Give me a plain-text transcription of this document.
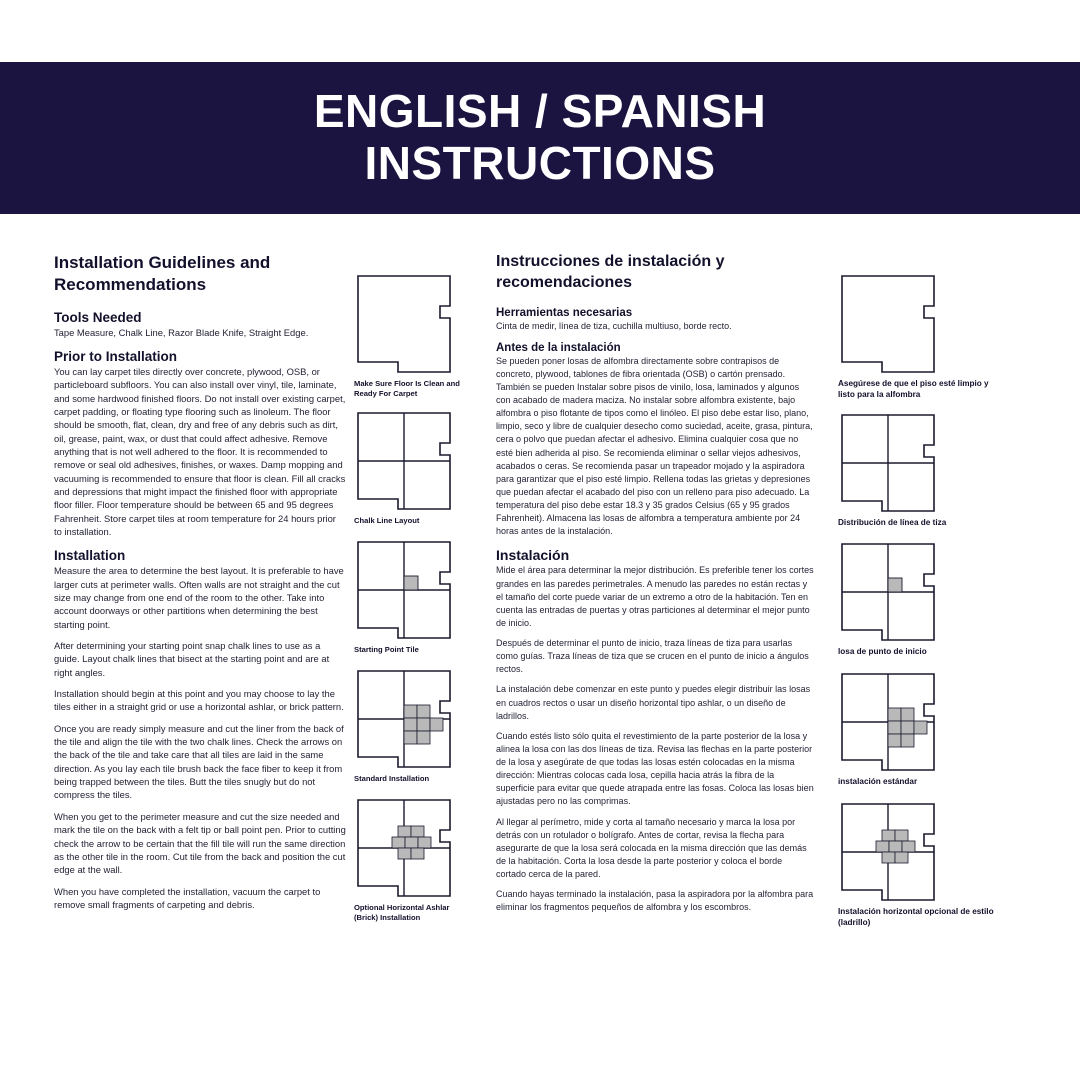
ENGLISH / SPANISH
INSTRUCTIONS
Installation Guidelines and Recommendations
Tools Needed

Tape Measure, Chalk Line, Razor Blade Knife, Straight Edge.

Prior to Installation

You can lay carpet tiles directly over concrete, plywood, OSB, or particleboard subfloors. You can also install over vinyl, tile, laminate, and some hardwood finished floors. Do not install over existing carpet, carpet padding, or floating type flooring such as linoleum. The floor should be smooth, flat, clean, dry and free of any debris such as dirt, oil, grease, paint, wax, or dust that could affect adhesive. Remove anything that is not well adhered to the floor. It is recommended to remove or seal old adhesives, finishes, or waxes. Damp mopping and vacuuming is recommended to ensure that floor is clean. Fill all cracks and depressions that might impact the finished floor with appropriate floor filler. Floor temperature should be between 65 and 95 degrees Fahrenheit. Store carpet tiles at room temperature for 24 hours prior to installation.

Installation

Measure the area to determine the best layout. It is preferable to have larger cuts at perimeter walls. Often walls are not straight and the cut size may change from one end of the room to the other. Take into account doorways or other partitions when determining the best starting point.

After determining your starting point snap chalk lines to use as a guide. Layout chalk lines that bisect at the starting point and are at right angles.

Installation should begin at this point and you may choose to lay the tiles either in a straight grid or use a horizontal ashlar, or brick pattern.

Once you are ready simply measure and cut the liner from the back of the tile and align the tile with the two chalk lines. Check the arrows on the back of the tile and take care that all tiles are laid in the same direction. As you lay each tile brush back the face fiber to keep it from being trapped between the tiles. Butt the tiles snugly but do not compress the tiles.

When you get to the perimeter measure and cut the size needed and mark the tile on the back with a felt tip or ball point pen. Prior to cutting check the arrow to be certain that the fill tile will run the same direction as the other tile in the room. Cut tile from the back and position the cut edge at the wall.

When you have completed the installation, vacuum the carpet to remove small fragments of carpeting and debris.

Make Sure Floor Is Clean and Ready For Carpet
Chalk Line Layout
Starting Point Tile
Standard Installation
Optional Horizontal Ashlar (Brick) Installation
Instrucciones de instalación y recomendaciones
Herramientas necesarias

Cinta de medir, línea de tiza, cuchilla multiuso, borde recto.

Antes de la instalación

Se pueden poner losas de alfombra directamente sobre contrapisos de concreto, plywood, tablones de fibra orientada (OSB) o cartón prensado. También se pueden Instalar sobre pisos de vinilo, losa, laminados y algunos con acabado de madera maciza. No instalar sobre alfombra existente, bajo alfombra o piso flotante de tipos como el linóleo. El piso debe estar liso, plano, limpio, seco y libre de cualquier desecho como suciedad, aceite, grasa, pintura, cera o polvo que puedan afectar el adhesivo. Elimina cualquier cosa que no esté bien adherida al piso. Se recomienda eliminar o sellar viejos adhesivos, acabados o ceras. Se recomienda pasar un trapeador mojado y la aspiradora para garantizar que el piso esté limpio. Rellena todas las grietas y depresiones que puedan afectar el acabado del piso con un relleno para piso adecuado. La temperatura del piso debe estar 18.3 y 35 grados Celsius (65 y 95 grados Fahrenheit). Almacena las losas de alfombra a temperatura ambiente por 24 horas antes de la instalación.

Instalación

Mide el área para determinar la mejor distribución. Es preferible tener los cortes grandes en las paredes perimetrales. A menudo las paredes no están rectas y el tamaño del corte puede variar de un extremo a otro de la habitación. Ten en cuenta las entradas de puertas y otras particiones al determinar el mejor punto de inicio.

Después de determinar el punto de inicio, traza líneas de tiza para usarlas como guías. Traza líneas de tiza que se crucen en el punto de inicio a ángulos rectos.

La instalación debe comenzar en este punto y puedes elegir distribuir las losas en cuadros rectos o usar un diseño horizontal tipo ashlar, o un diseño de ladrillos.

Cuando estés listo sólo quita el revestimiento de la parte posterior de la losa y alinea la losa con las dos líneas de tiza. Revisa las flechas en la parte posterior de la losa y asegúrate de que todas las losas estén colocadas en la misma dirección: Mientras colocas cada losa, cepilla hacia atrás la fibra de la superficie para evitar que quede atrapada entre las fosas. Coloca las losas bien ajustadas pero no las comprimas.

Al llegar al perímetro, mide y corta al tamaño necesario y marca la losa por detrás con un rotulador o bolígrafo. Antes de cortar, revisa la flecha para asegurarte de que la losa será colocada en la misma dirección que las demás de la habitación. Corta la losa desde la parte posterior y coloca el borde cortado cerca de la pared.

Cuando hayas terminado la instalación, pasa la aspiradora por la alfombra para eliminar los fragmentos pequeños de alfombra y los escombros.

Asegúrese de que el piso esté limpio y listo para la alfombra
Distribución de línea de tiza
losa de punto de inicio
instalación estándar
Instalación horizontal opcional de estilo (ladrillo)
